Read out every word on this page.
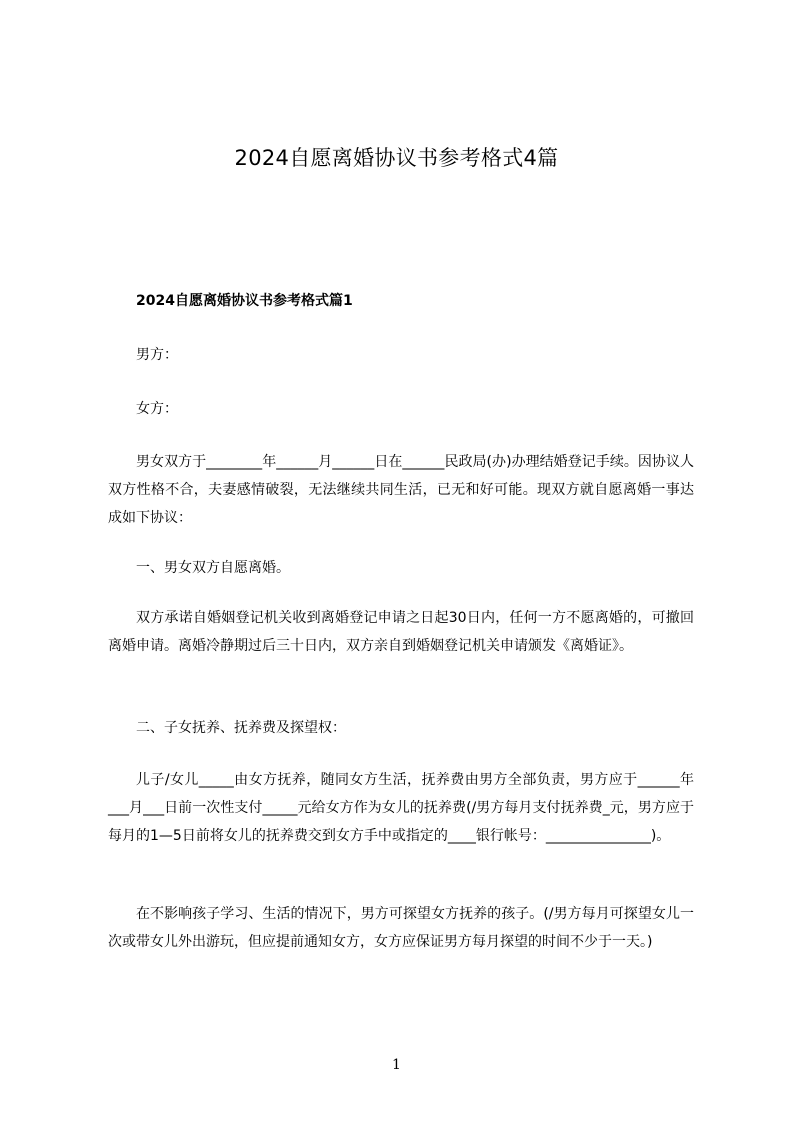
2024自愿离婚协议书参考格式4篇
2024自愿离婚协议书参考格式篇1
男方：
女方：
男女双方于________年______月______日在______民政局(办)办理结婚登记手续。因协议人双方性格不合，夫妻感情破裂，无法继续共同生活，已无和好可能。现双方就自愿离婚一事达成如下协议：
一、男女双方自愿离婚。
双方承诺自婚姻登记机关收到离婚登记申请之日起30日内，任何一方不愿离婚的，可撤回离婚申请。离婚冷静期过后三十日内，双方亲自到婚姻登记机关申请颁发《离婚证》。
二、子女抚养、抚养费及探望权：
儿子/女儿_____由女方抚养，随同女方生活，抚养费由男方全部负责，男方应于______年___月___日前一次性支付_____元给女方作为女儿的抚养费(/男方每月支付抚养费_元，男方应于每月的1—5日前将女儿的抚养费交到女方手中或指定的____银行帐号：_______________)。
在不影响孩子学习、生活的情况下，男方可探望女方抚养的孩子。(/男方每月可探望女儿一次或带女儿外出游玩，但应提前通知女方，女方应保证男方每月探望的时间不少于一天。)
1
